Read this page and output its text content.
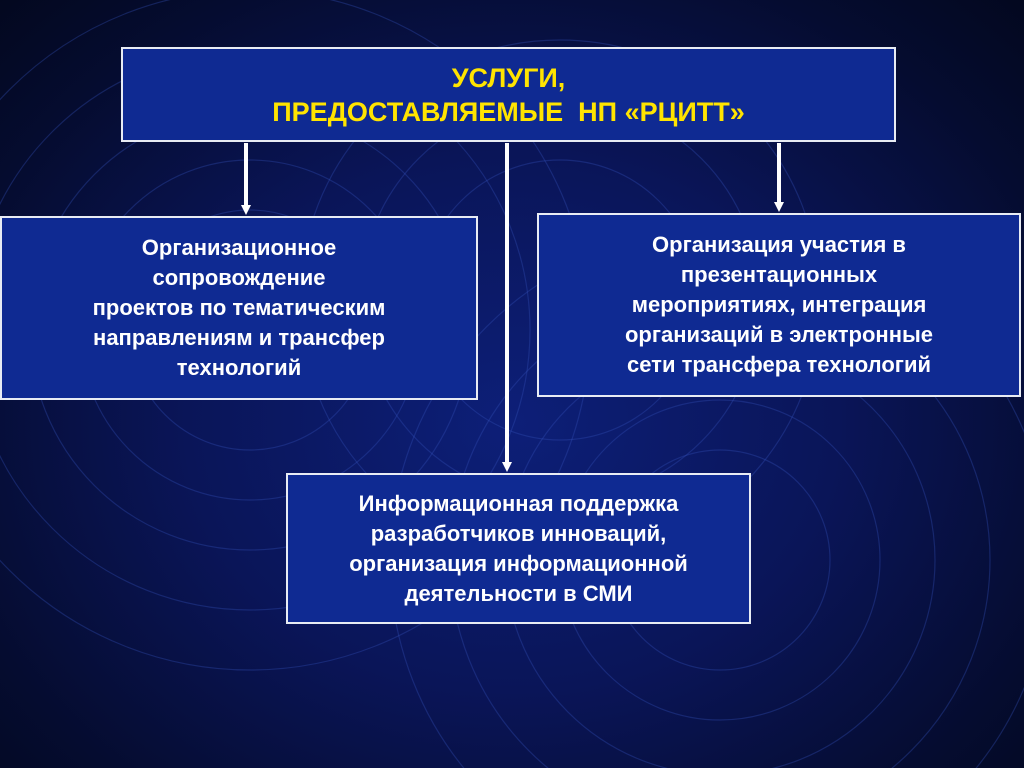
УСЛУГИ,
ПРЕДОСТАВЛЯЕМЫЕ  НП «РЦИТТ»
Организационное
сопровождение
проектов по тематическим
направлениям и трансфер
технологий
Организация участия в
презентационных
мероприятиях, интеграция
организаций в электронные
сети трансфера технологий
Информационная поддержка
разработчиков инноваций,
организация информационной
деятельности в СМИ
